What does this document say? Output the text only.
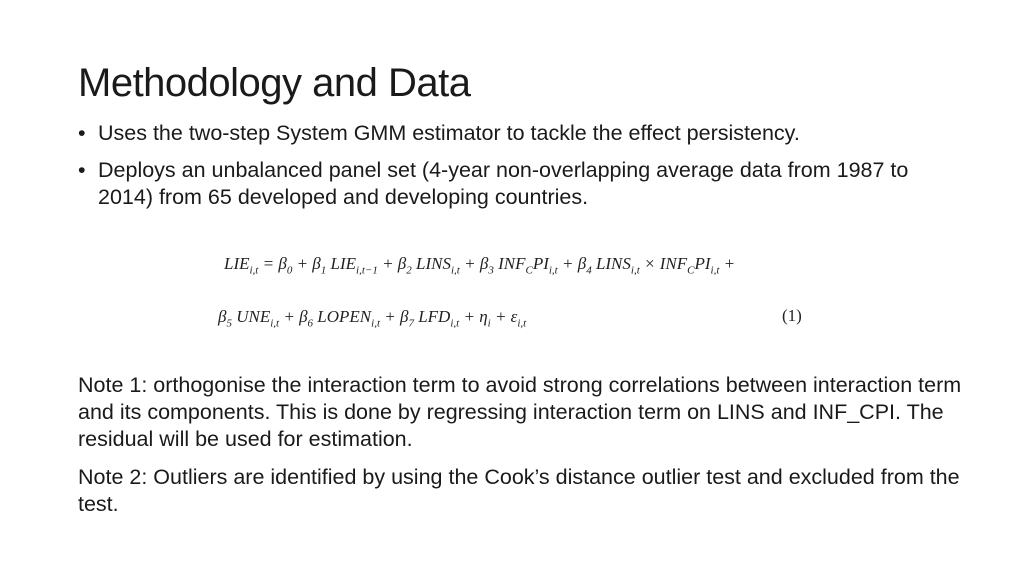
Methodology and Data
• Uses the two-step System GMM estimator to tackle the effect persistency.
• Deploys an unbalanced panel set (4-year non-overlapping average data from 1987 to 2014) from 65 developed and developing countries.
$LIE_{i,t} = \beta_0 + \beta_1$ $LIE_{i,t-1} + \beta_2$ $LINS_{i,t} + \beta_3$ $INF_CPI_{i,t} + \beta_4$ $LINS_{i,t} \times INF_CPI_{i,t}$ +
$\beta_5$ $UNE_{i,t} + \beta_6$ $LOPEN_{i,t} + \beta_7$ $LFD_{i,t} + \eta_i + \varepsilon_{i,t}$	(1)

Note 1: orthogonise the interaction term to avoid strong correlations between interaction term and its components. This is done by regressing interaction term on LINS and INF_CPI. The residual will be used for estimation.

Note 2: Outliers are identified by using the Cook’s distance outlier test and excluded from the test.
